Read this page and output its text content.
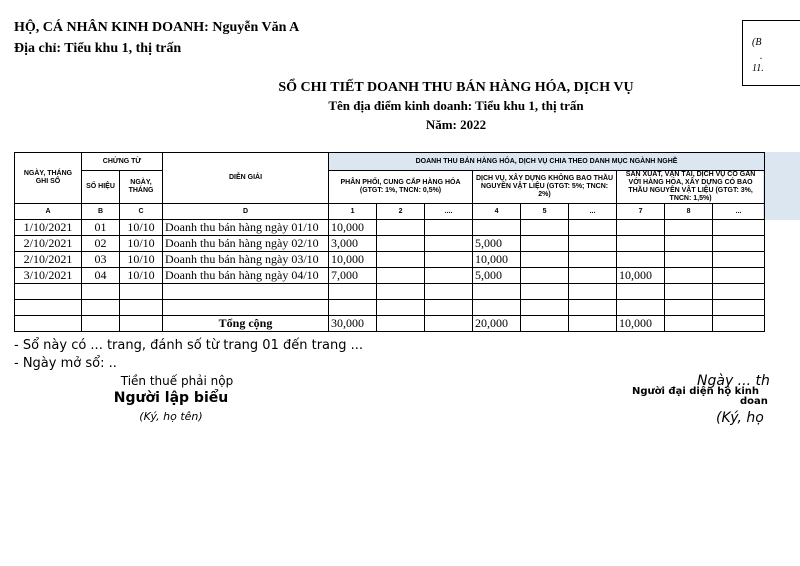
HỘ, CÁ NHÂN KINH DOANH: Nguyễn Văn A
Địa chỉ: Tiểu khu 1, thị trấn	(B
.
11.
SỔ CHI TIẾT DOANH THU BÁN HÀNG HÓA, DỊCH VỤ
Tên địa điểm kinh doanh: Tiểu khu 1, thị trấn
Năm: 2022
NGÀY, THÁNG GHI SỔ	CHỨNG TỪ		DIỄN GIẢI	DOANH THU BÁN HÀNG HÓA, DỊCH VỤ CHIA THEO DANH MỤC NGÀNH NGHỀ								
	SỐ HIỆU	NGÀY, THÁNG		PHÂN PHỐI, CUNG CẤP HÀNG HÓA (GTGT: 1%, TNCN: 0,5%)			DỊCH VỤ, XÂY DỰNG KHÔNG BAO THẦU NGUYÊN VẬT LIỆU (GTGT: 5%; TNCN: 2%)			SẢN XUẤT, VẬN TẢI, DỊCH VỤ CÓ GẮN VỚI HÀNG HÓA, XÂY DỰNG CÓ BAO THẦU NGUYÊN VẬT LIỆU (GTGT: 3%, TNCN: 1,5%)		
A	B	C	D	1	2	....	4	5	...	7	8	...
1/10/2021	01	10/10	Doanh thu bán hàng ngày 01/10	10,000								
2/10/2021	02	10/10	Doanh thu bán hàng ngày 02/10	3,000			5,000					
2/10/2021	03	10/10	Doanh thu bán hàng ngày 03/10	10,000			10,000					
3/10/2021	04	10/10	Doanh thu bán hàng ngày 04/10	7,000			5,000			10,000		

			Tổng cộng	30,000			20,000			10,000		
- Sổ này có ... trang, đánh số từ trang 01 đến trang ...
- Ngày mở sổ: ..
Tiền thuế phải nộp
Người lập biểu
(Ký, họ tên)
Ngày ... th
Người đại diện hộ kinh
doan
(Ký, họ
